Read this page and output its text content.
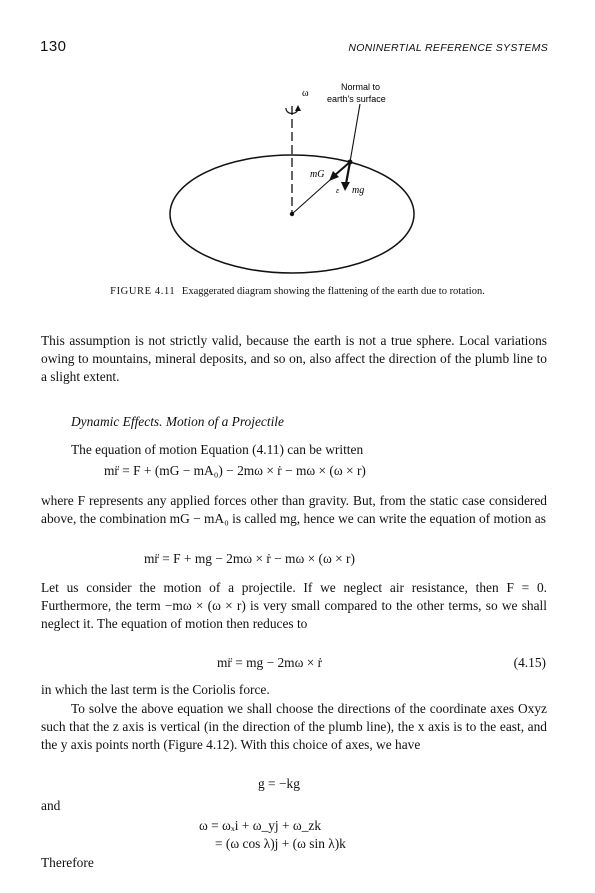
130	NONINERTIAL REFERENCE SYSTEMS
ω
Normal to
earth's surface
mG
ε mg
FIGURE 4.11 Exaggerated diagram showing the flattening of the earth due to rotation.

This assumption is not strictly valid, because the earth is not a true sphere. Local variations owing to mountains, mineral deposits, and so on, also affect the direction of the plumb line to a slight extent.

Dynamic Effects. Motion of a Projectile

The equation of motion Equation (4.11) can be written

mr̈ = F + (mG − mA₀) − 2mω × ṙ − mω × (ω × r)

where F represents any applied forces other than gravity. But, from the static case considered above, the combination mG − mA₀ is called mg, hence we can write the equation of motion as

mr̈ = F + mg − 2mω × ṙ − mω × (ω × r)

Let us consider the motion of a projectile. If we neglect air resistance, then F = 0. Furthermore, the term −mω × (ω × r) is very small compared to the other terms, so we shall neglect it. The equation of motion then reduces to

mr̈ = mg − 2mω × ṙ	(4.15)

in which the last term is the Coriolis force.

To solve the above equation we shall choose the directions of the coordinate axes Oxyz such that the z axis is vertical (in the direction of the plumb line), the x axis is to the east, and the y axis points north (Figure 4.12). With this choice of axes, we have

g = −kg
and
ω = ωₓi + ω_yj + ω_zk
= (ω cos λ)j + (ω sin λ)k
Therefore
